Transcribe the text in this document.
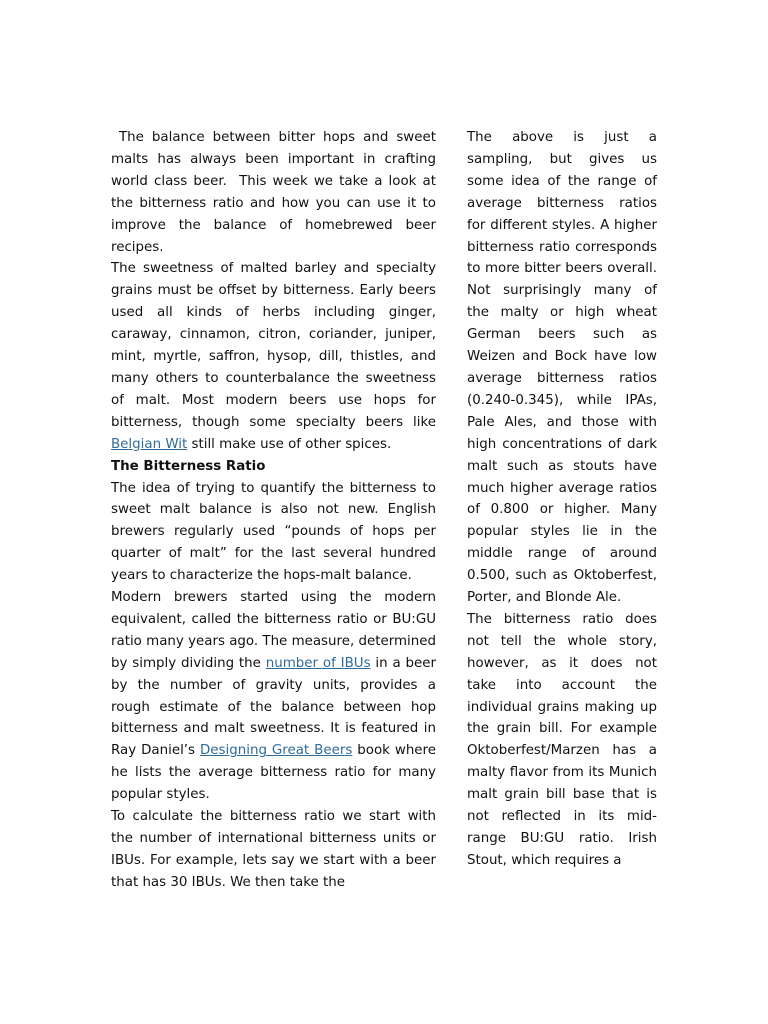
The balance between bitter hops and sweet malts has always been important in crafting world class beer.  This week we take a look at the bitterness ratio and how you can use it to improve the balance of homebrewed beer recipes.

The sweetness of malted barley and specialty grains must be offset by bitterness. Early beers used all kinds of herbs including ginger, caraway, cinnamon, citron, coriander, juniper, mint, myrtle, saffron, hysop, dill, thistles, and many others to counterbalance the sweetness of malt. Most modern beers use hops for bitterness, though some specialty beers like Belgian Wit still make use of other spices.

The Bitterness Ratio

The idea of trying to quantify the bitterness to sweet malt balance is also not new. English brewers regularly used “pounds of hops per quarter of malt” for the last several hundred years to characterize the hops-malt balance.

Modern brewers started using the modern equivalent, called the bitterness ratio or BU:GU ratio many years ago. The measure, determined by simply dividing the number of IBUs in a beer by the number of gravity units, provides a rough estimate of the balance between hop bitterness and malt sweetness. It is featured in Ray Daniel’s Designing Great Beers book where he lists the average bitterness ratio for many popular styles.

To calculate the bitterness ratio we start with the number of international bitterness units or IBUs. For example, lets say we start with a beer that has 30 IBUs. We then take the

The above is just a sampling, but gives us some idea of the range of average bitterness ratios for different styles. A higher bitterness ratio corresponds to more bitter beers overall. Not surprisingly many of the malty or high wheat German beers such as Weizen and Bock have low average bitterness ratios (0.240-0.345), while IPAs, Pale Ales, and those with high concentrations of dark malt such as stouts have much higher average ratios of 0.800 or higher. Many popular styles lie in the middle range of around 0.500, such as Oktoberfest, Porter, and Blonde Ale.

The bitterness ratio does not tell the whole story, however, as it does not take into account the individual grains making up the grain bill. For example Oktoberfest/Marzen has a malty flavor from its Munich malt grain bill base that is not reflected in its mid-range BU:GU ratio. Irish Stout, which requires a
